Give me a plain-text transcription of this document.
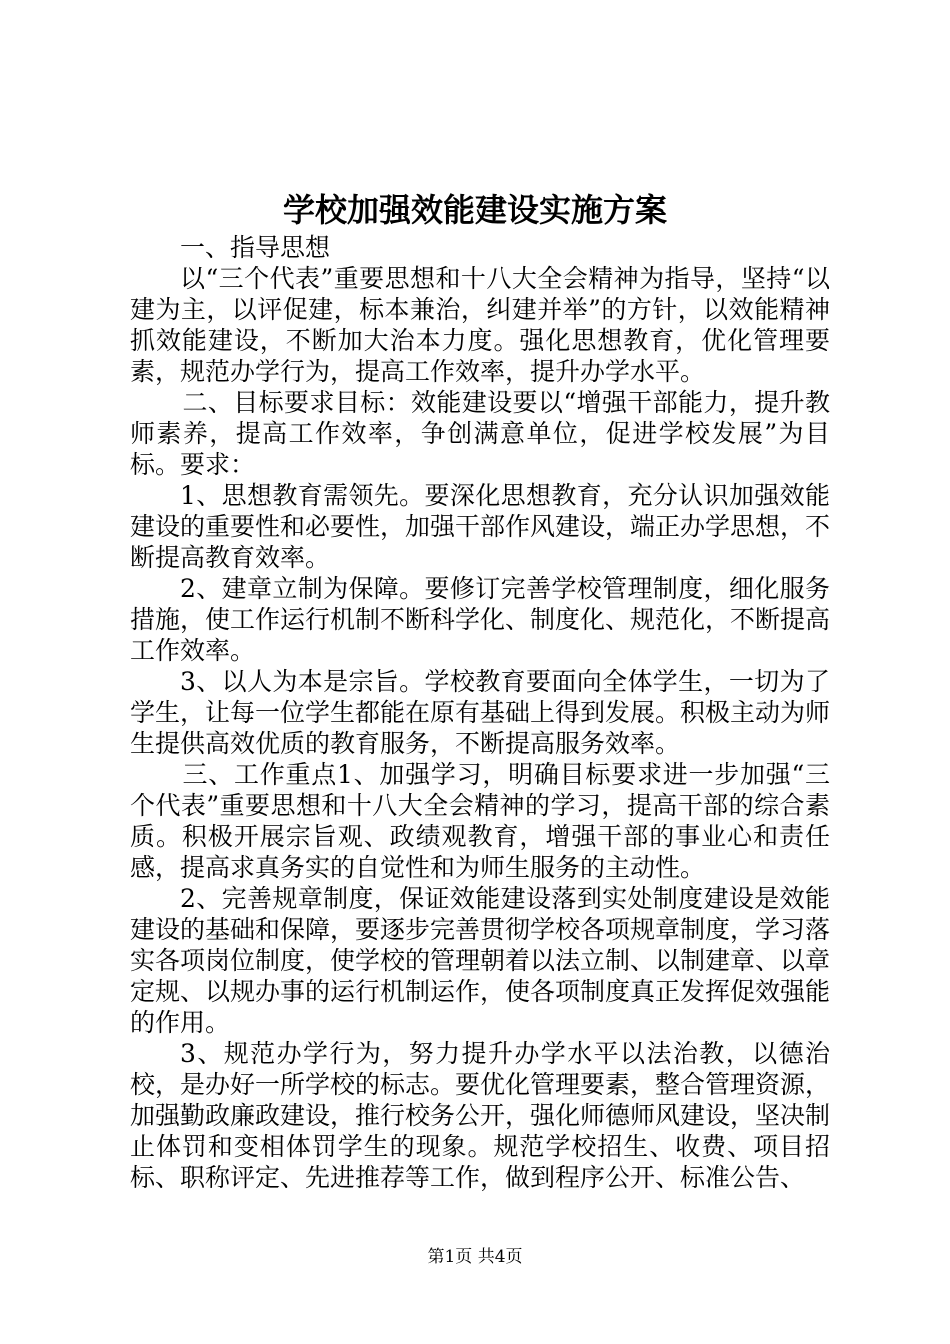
学校加强效能建设实施方案

一、指导思想

以“三个代表”重要思想和十八大全会精神为指导，坚持“以建为主，以评促建，标本兼治，纠建并举”的方针，以效能精神抓效能建设，不断加大治本力度。强化思想教育，优化管理要素，规范办学行为，提高工作效率，提升办学水平。

二、目标要求目标：效能建设要以“增强干部能力，提升教师素养，提高工作效率，争创满意单位，促进学校发展”为目标。要求：

1、思想教育需领先。要深化思想教育，充分认识加强效能建设的重要性和必要性，加强干部作风建设，端正办学思想，不断提高教育效率。

2、建章立制为保障。要修订完善学校管理制度，细化服务措施，使工作运行机制不断科学化、制度化、规范化，不断提高工作效率。

3、以人为本是宗旨。学校教育要面向全体学生，一切为了学生，让每一位学生都能在原有基础上得到发展。积极主动为师生提供高效优质的教育服务，不断提高服务效率。

三、工作重点1、加强学习，明确目标要求进一步加强“三个代表”重要思想和十八大全会精神的学习，提高干部的综合素质。积极开展宗旨观、政绩观教育，增强干部的事业心和责任感，提高求真务实的自觉性和为师生服务的主动性。

2、完善规章制度，保证效能建设落到实处制度建设是效能建设的基础和保障，要逐步完善贯彻学校各项规章制度，学习落实各项岗位制度，使学校的管理朝着以法立制、以制建章、以章定规、以规办事的运行机制运作，使各项制度真正发挥促效强能的作用。

3、规范办学行为，努力提升办学水平以法治教，以德治校，是办好一所学校的标志。要优化管理要素，整合管理资源，加强勤政廉政建设，推行校务公开，强化师德师风建设，坚决制止体罚和变相体罚学生的现象。规范学校招生、收费、项目招标、职称评定、先进推荐等工作，做到程序公开、标准公告、

第1页 共4页
